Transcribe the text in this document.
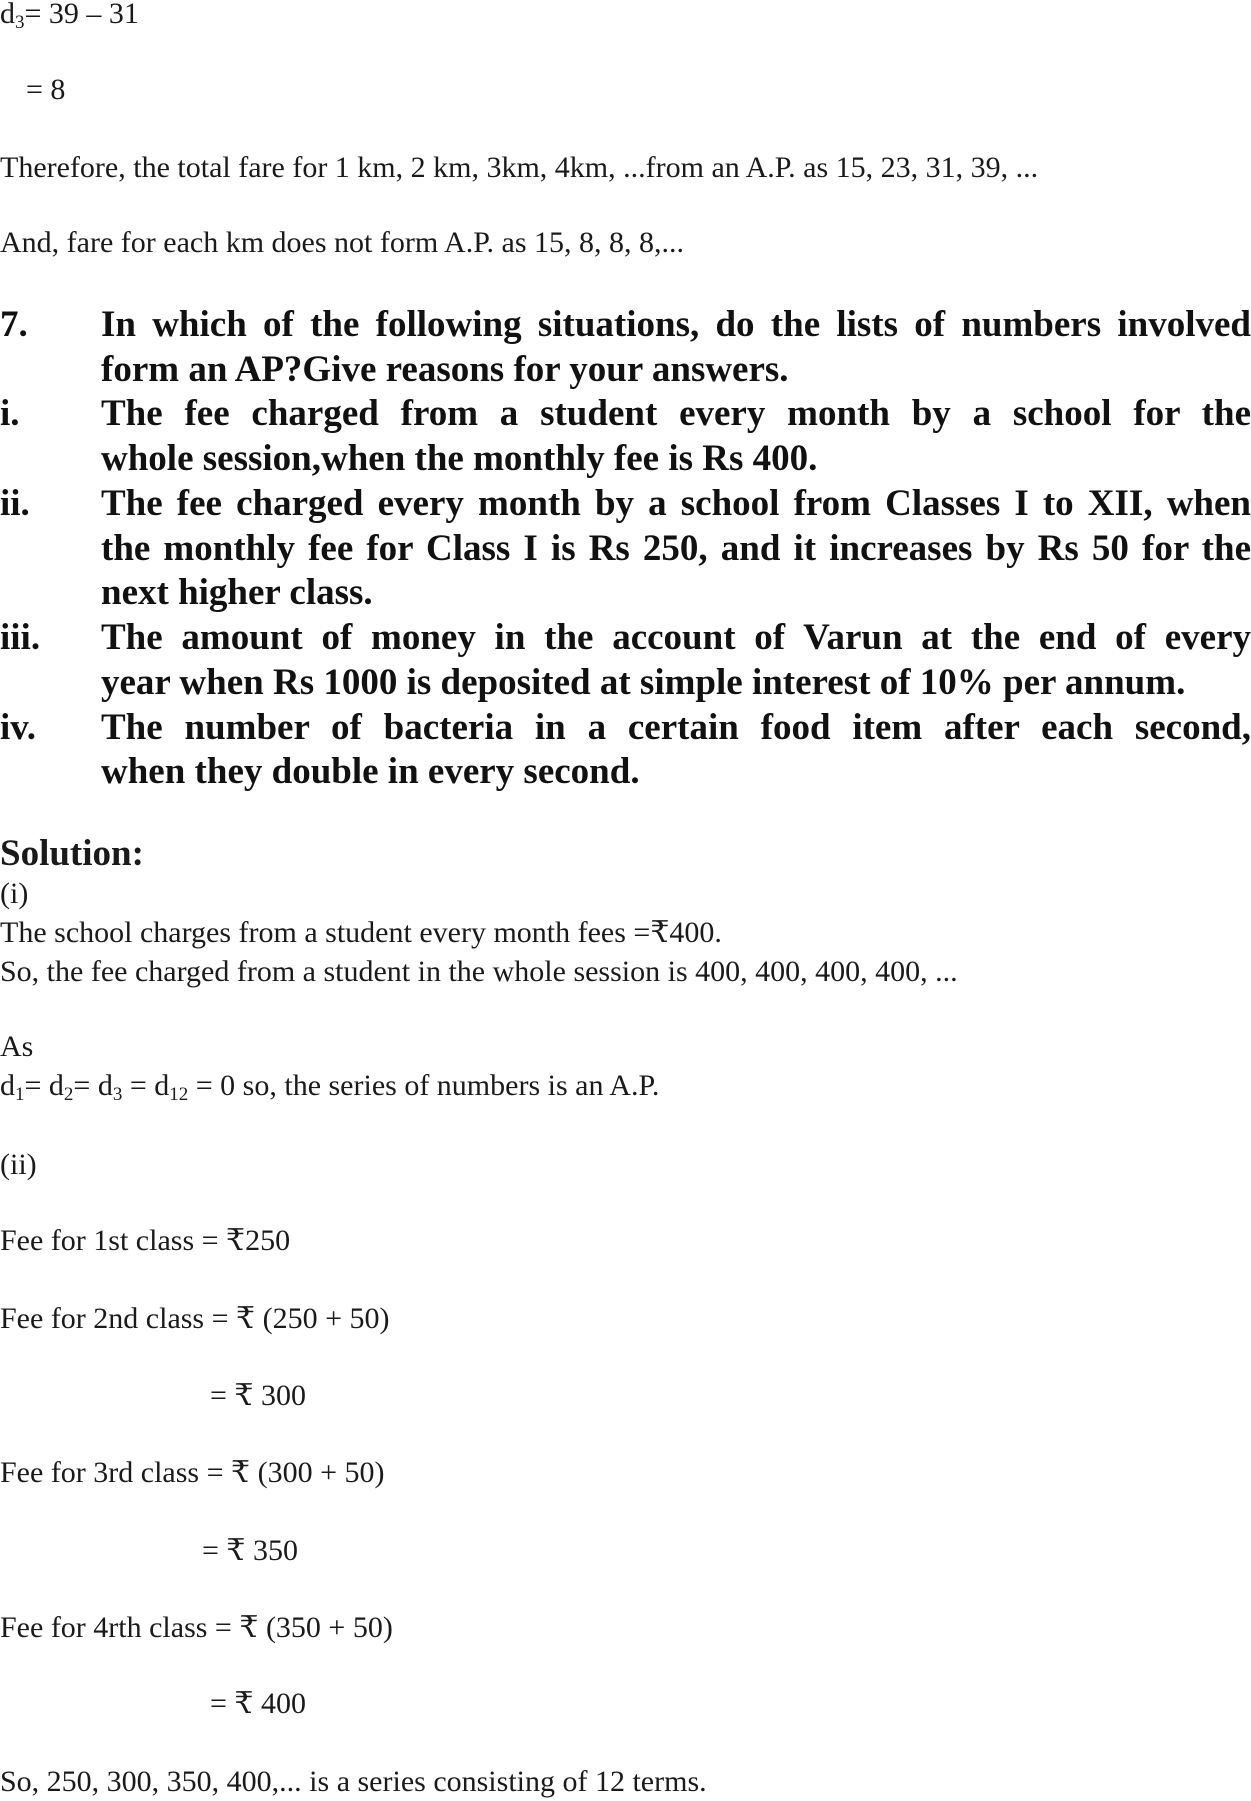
$d_3= 39 - 31$
= 8
Therefore, the total fare for 1 km, 2 km, 3km, 4km, ...from an A.P. as 15, 23, 31, 39, ...
And, fare for each km does not form A.P. as 15, 8, 8, 8,...
7. In which of the following situations, do the lists of numbers involved
form an AP?Give reasons for your answers.
i. The fee charged from a student every month by a school for the
whole session,when the monthly fee is Rs 400.
ii. The fee charged every month by a school from Classes I to XII, when
the monthly fee for Class I is Rs 250, and it increases by Rs 50 for the
next higher class.
iii. The amount of money in the account of Varun at the end of every
year when Rs 1000 is deposited at simple interest of 10% per annum.
iv. The number of bacteria in a certain food item after each second,
when they double in every second.
Solution:
(i)
The school charges from a student every month fees =₹400.
So, the fee charged from a student in the whole session is 400, 400, 400, 400, ...
As
$d_1= d_2= d_3 = d_{12} = 0$ so, the series of numbers is an A.P.
(ii)
Fee for 1st class = ₹250
Fee for 2nd class = ₹ (250 + 50)
= ₹ 300
Fee for 3rd class = ₹ (300 + 50)
= ₹ 350
Fee for 4rth class = ₹ (350 + 50)
= ₹ 400
So, 250, 300, 350, 400,... is a series consisting of 12 terms.
